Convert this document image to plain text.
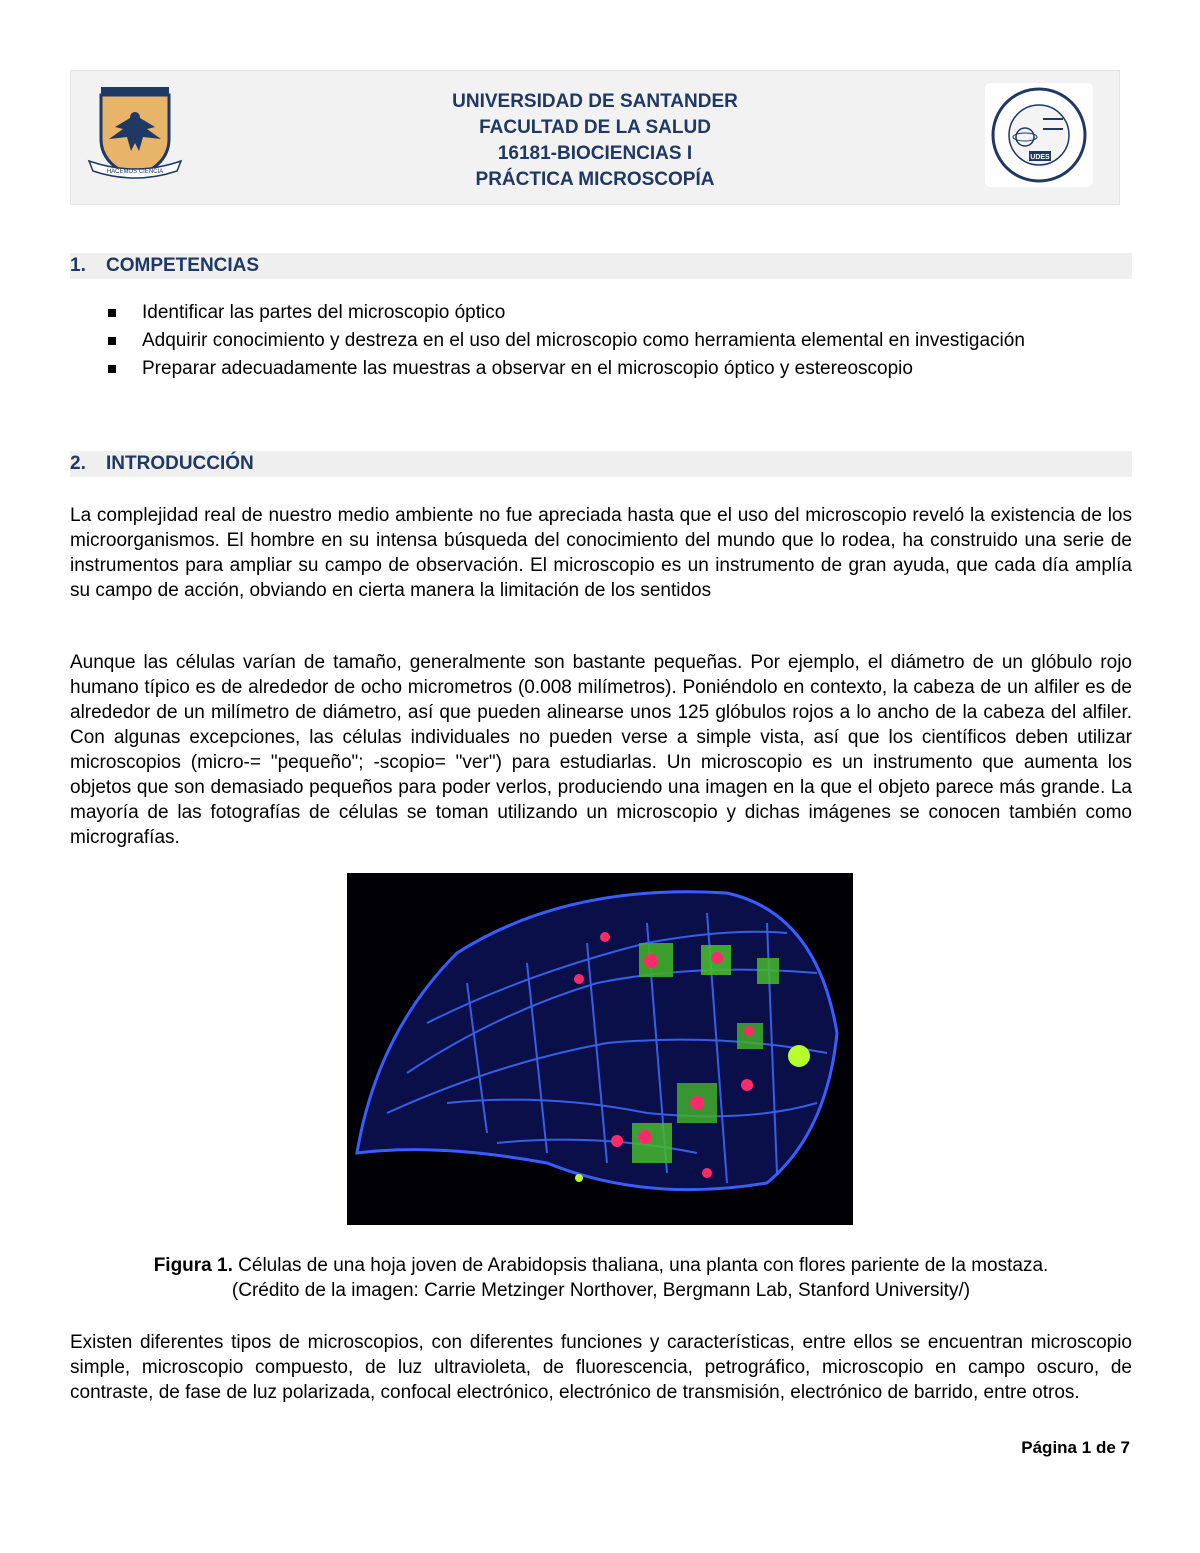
HACEMOS CIENCIA
UNIVERSIDAD DE SANTANDER
FACULTAD DE LA SALUD
16181-BIOCIENCIAS I
PRÁCTICA MICROSCOPÍA
UDES
1. COMPETENCIAS
Identificar las partes del microscopio óptico
Adquirir conocimiento y destreza en el uso del microscopio como herramienta elemental en investigación
Preparar adecuadamente las muestras a observar en el microscopio óptico y estereoscopio
2. INTRODUCCIÓN

La complejidad real de nuestro medio ambiente no fue apreciada hasta que el uso del microscopio reveló la existencia de los microorganismos. El hombre en su intensa búsqueda del conocimiento del mundo que lo rodea, ha construido una serie de instrumentos para ampliar su campo de observación. El microscopio es un instrumento de gran ayuda, que cada día amplía su campo de acción, obviando en cierta manera la limitación de los sentidos

Aunque las células varían de tamaño, generalmente son bastante pequeñas. Por ejemplo, el diámetro de un glóbulo rojo humano típico es de alrededor de ocho micrometros (0.008 milímetros). Poniéndolo en contexto, la cabeza de un alfiler es de alrededor de un milímetro de diámetro, así que pueden alinearse unos 125 glóbulos rojos a lo ancho de la cabeza del alfiler. Con algunas excepciones, las células individuales no pueden verse a simple vista, así que los científicos deben utilizar microscopios (micro-= "pequeño"; -scopio= "ver") para estudiarlas. Un microscopio es un instrumento que aumenta los objetos que son demasiado pequeños para poder verlos, produciendo una imagen en la que el objeto parece más grande. La mayoría de las fotografías de células se toman utilizando un microscopio y dichas imágenes se conocen también como micrografías.

Figura 1. Células de una hoja joven de Arabidopsis thaliana, una planta con flores pariente de la mostaza.
(Crédito de la imagen: Carrie Metzinger Northover, Bergmann Lab, Stanford University/)

Existen diferentes tipos de microscopios, con diferentes funciones y características, entre ellos se encuentran microscopio simple, microscopio compuesto, de luz ultravioleta, de fluorescencia, petrográfico, microscopio en campo oscuro, de contraste, de fase de luz polarizada, confocal electrónico, electrónico de transmisión, electrónico de barrido, entre otros.

Página 1 de 7
